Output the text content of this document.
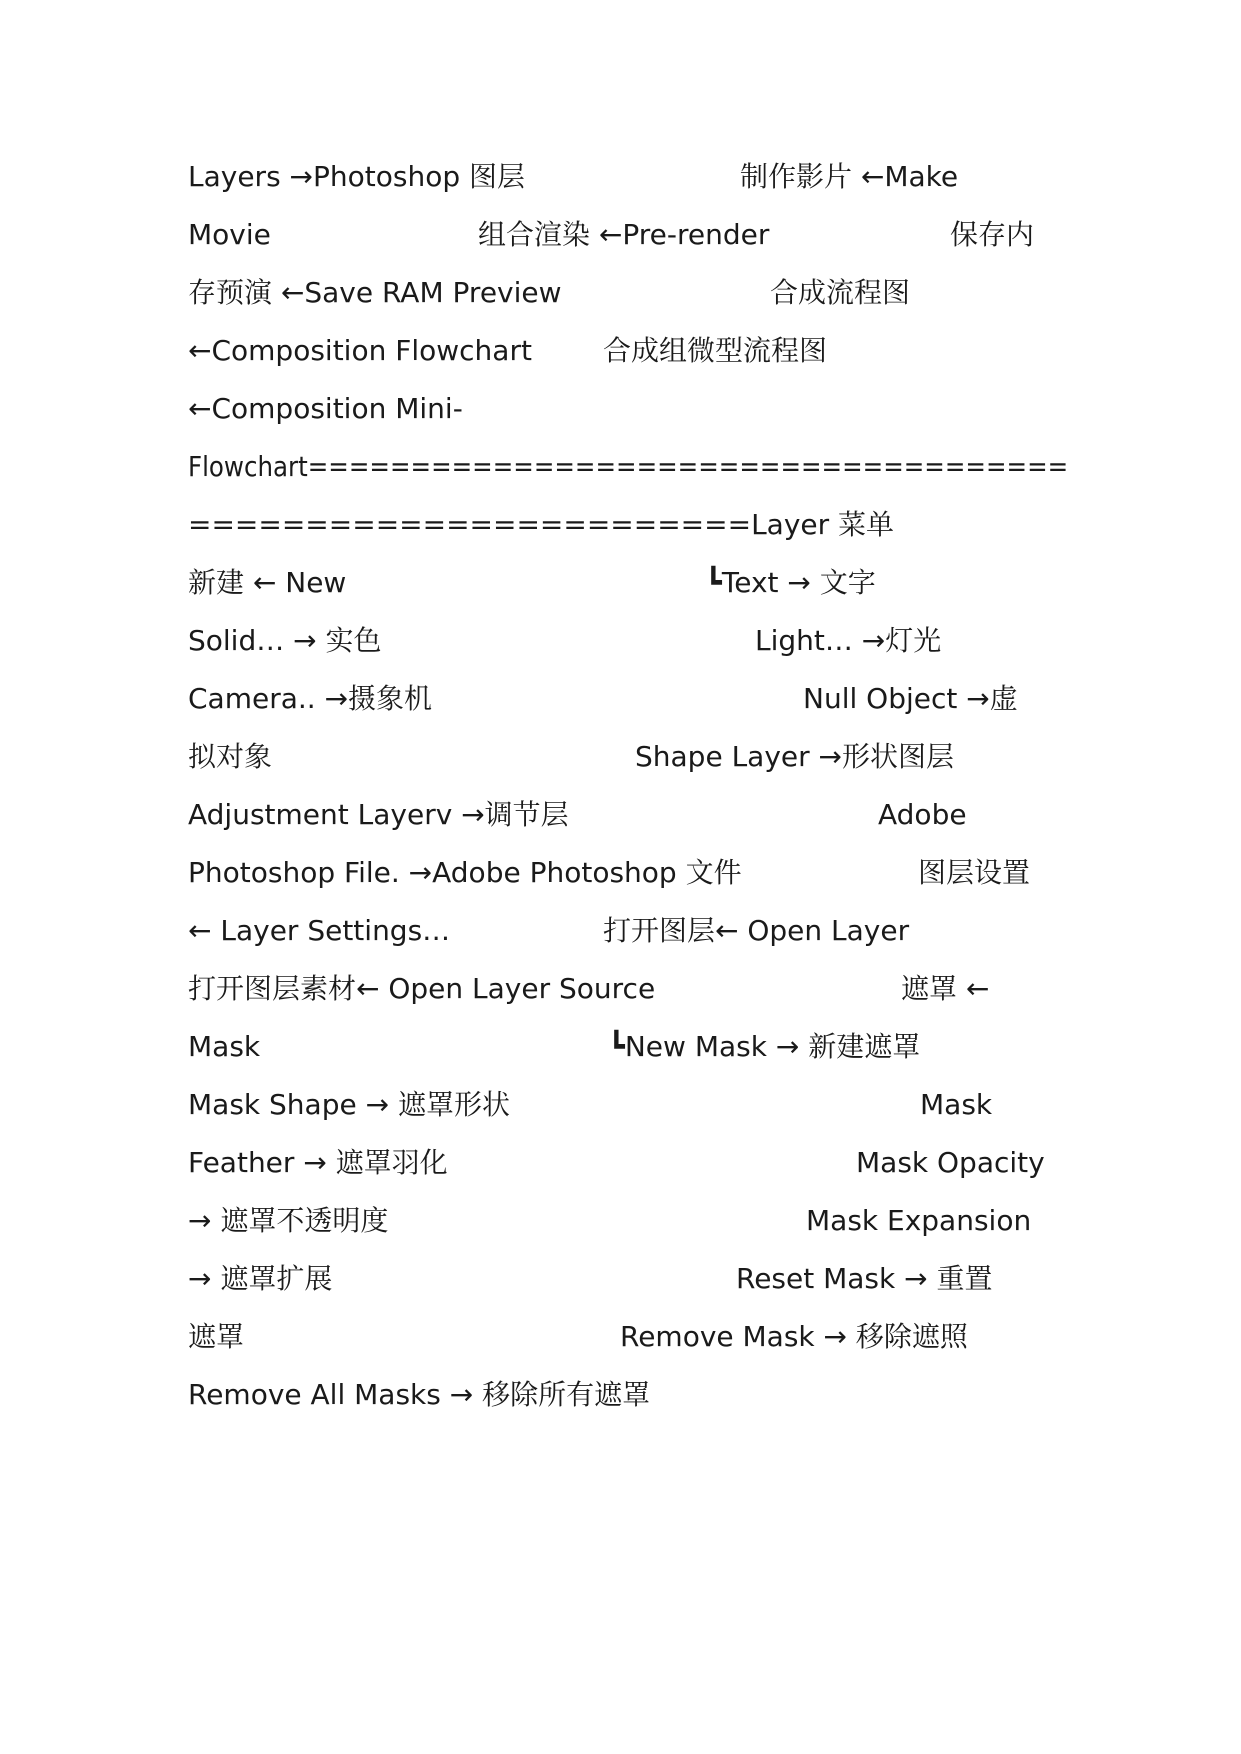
Layers →Photoshop 图层

	制作影片 ←Make

Movie

	组合渲染 ←Pre-render

	保存内

存预演 ←Save RAM Preview

	合成流程图

←Composition Flowchart

	合成组微型流程图

←Composition Mini-

Flowchart=====================================

========================Layer 菜单

新建 ← New

	┗Text → 文字

Solid… → 实色

	Light… →灯光

Camera.. →摄象机

	Null Object →虚

拟对象

	Shape Layer →形状图层

Adjustment Layerv →调节层

	Adobe

Photoshop File. →Adobe Photoshop 文件

	图层设置

← Layer Settings…

	打开图层← Open Layer

打开图层素材← Open Layer Source

	遮罩 ←

Mask

	┗New Mask → 新建遮罩

Mask Shape → 遮罩形状

	Mask

Feather → 遮罩羽化

	Mask Opacity

→ 遮罩不透明度

	Mask Expansion

→ 遮罩扩展

	Reset Mask → 重置

遮罩

	Remove Mask → 移除遮照

Remove All Masks → 移除所有遮罩
